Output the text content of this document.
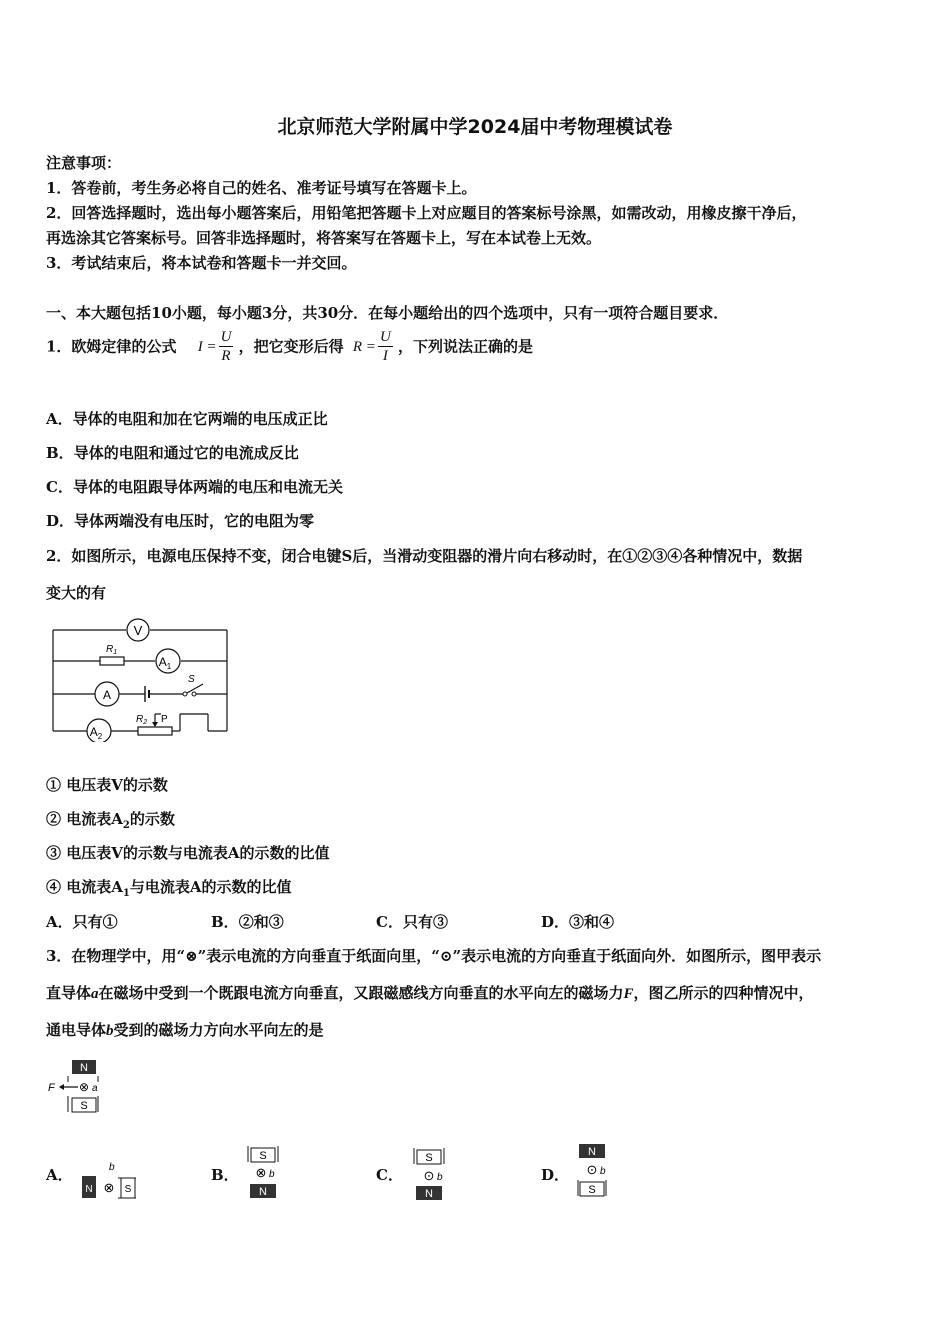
北京师范大学附属中学2024届中考物理模试卷
注意事项：
1．答卷前，考生务必将自己的姓名、准考证号填写在答题卡上。
2．回答选择题时，选出每小题答案后，用铅笔把答题卡上对应题目的答案标号涂黑，如需改动，用橡皮擦干净后，
再选涂其它答案标号。回答非选择题时，将答案写在答题卡上，写在本试卷上无效。
3．考试结束后，将本试卷和答题卡一并交回。
一、本大题包括10小题，每小题3分，共30分．在每小题给出的四个选项中，只有一项符合题目要求．
1．欧姆定律的公式 $I = \frac{U}{R}$ ，把它变形后得 $R = \frac{U}{I}$ ，下列说法正确的是
A．导体的电阻和加在它两端的电压成正比
B．导体的电阻和通过它的电流成反比
C．导体的电阻跟导体两端的电压和电流无关
D．导体两端没有电压时，它的电阻为零
2．如图所示，电源电压保持不变，闭合电键S后，当滑动变阻器的滑片向右移动时，在①②③④各种情况中，数据
变大的有
V
$R_1$
$A_1$
A
S
$A_2$
$R_2$ P
① 电压表V的示数
② 电流表$A_2$的示数
③ 电压表V的示数与电流表A的示数的比值
④ 电流表$A_1$与电流表A的示数的比值
A．只有①	B．②和③	C．只有③	D．③和④
3．在物理学中，用“⊗”表示电流的方向垂直于纸面向里，“⊙”表示电流的方向垂直于纸面向外．如图所示，图甲表示
直导体a在磁场中受到一个既跟电流方向垂直，又跟磁感线方向垂直的水平向左的磁场力F，图乙所示的四种情况中，
通电导体b受到的磁场力方向水平向左的是
N
F ⊗ a
S
A．
N
b
⊗ S
B．
S
⊗ b
N
C．
S
⊙ b
N
D．
N
⊙ b
S
